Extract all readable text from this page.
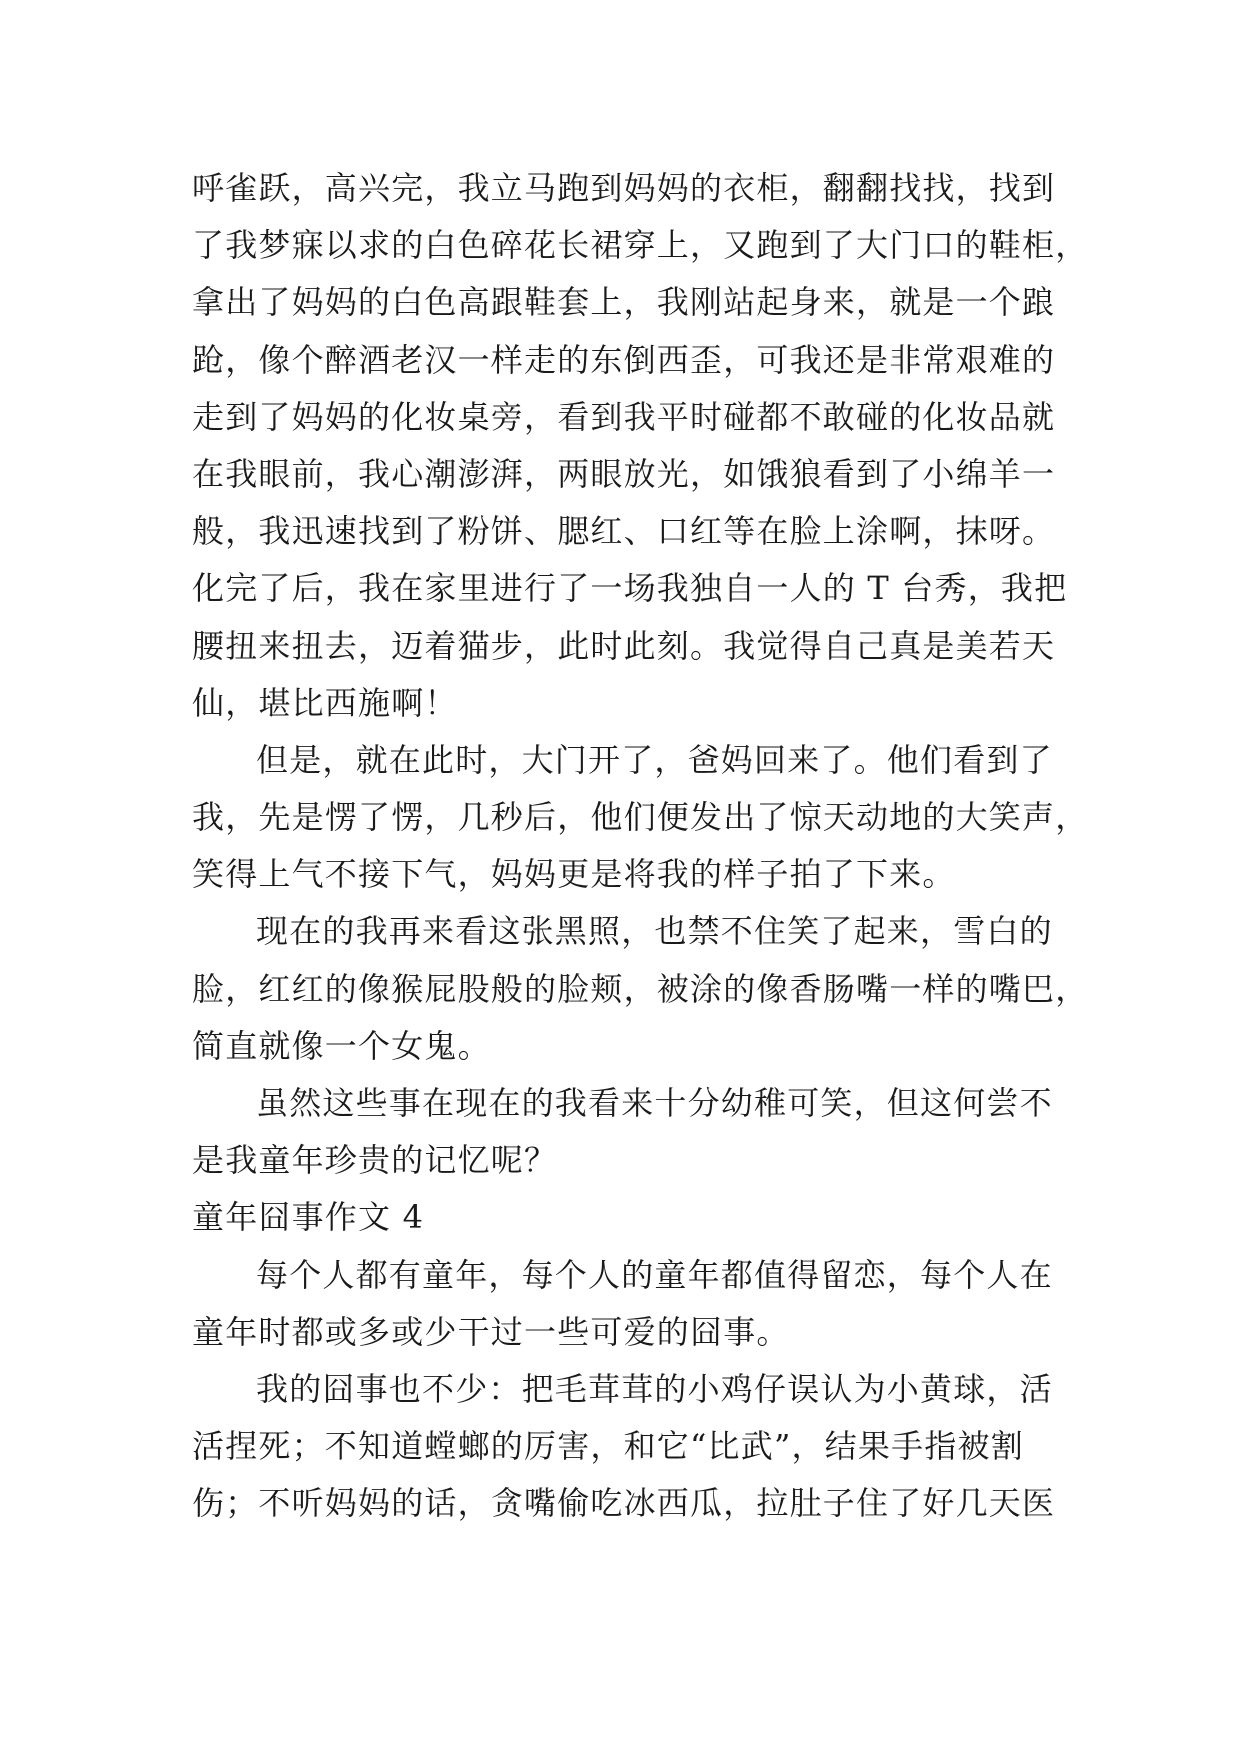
呼雀跃，高兴完，我立马跑到妈妈的衣柜，翻翻找找，找到
了我梦寐以求的白色碎花长裙穿上，又跑到了大门口的鞋柜，
拿出了妈妈的白色高跟鞋套上，我刚站起身来，就是一个踉
跄，像个醉酒老汉一样走的东倒西歪，可我还是非常艰难的
走到了妈妈的化妆桌旁，看到我平时碰都不敢碰的化妆品就
在我眼前，我心潮澎湃，两眼放光，如饿狼看到了小绵羊一
般，我迅速找到了粉饼、腮红、口红等在脸上涂啊，抹呀。
化完了后，我在家里进行了一场我独自一人的 T 台秀，我把
腰扭来扭去，迈着猫步，此时此刻。我觉得自己真是美若天
仙，堪比西施啊！
但是，就在此时，大门开了，爸妈回来了。他们看到了
我，先是愣了愣，几秒后，他们便发出了惊天动地的大笑声，
笑得上气不接下气，妈妈更是将我的样子拍了下来。
现在的我再来看这张黑照，也禁不住笑了起来，雪白的
脸，红红的像猴屁股般的脸颊，被涂的像香肠嘴一样的嘴巴，
简直就像一个女鬼。
虽然这些事在现在的我看来十分幼稚可笑，但这何尝不
是我童年珍贵的记忆呢？
童年囧事作文 4
每个人都有童年，每个人的童年都值得留恋，每个人在
童年时都或多或少干过一些可爱的囧事。
我的囧事也不少：把毛茸茸的小鸡仔误认为小黄球，活
活捏死；不知道螳螂的厉害，和它“比武”，结果手指被割
伤；不听妈妈的话，贪嘴偷吃冰西瓜，拉肚子住了好几天医
